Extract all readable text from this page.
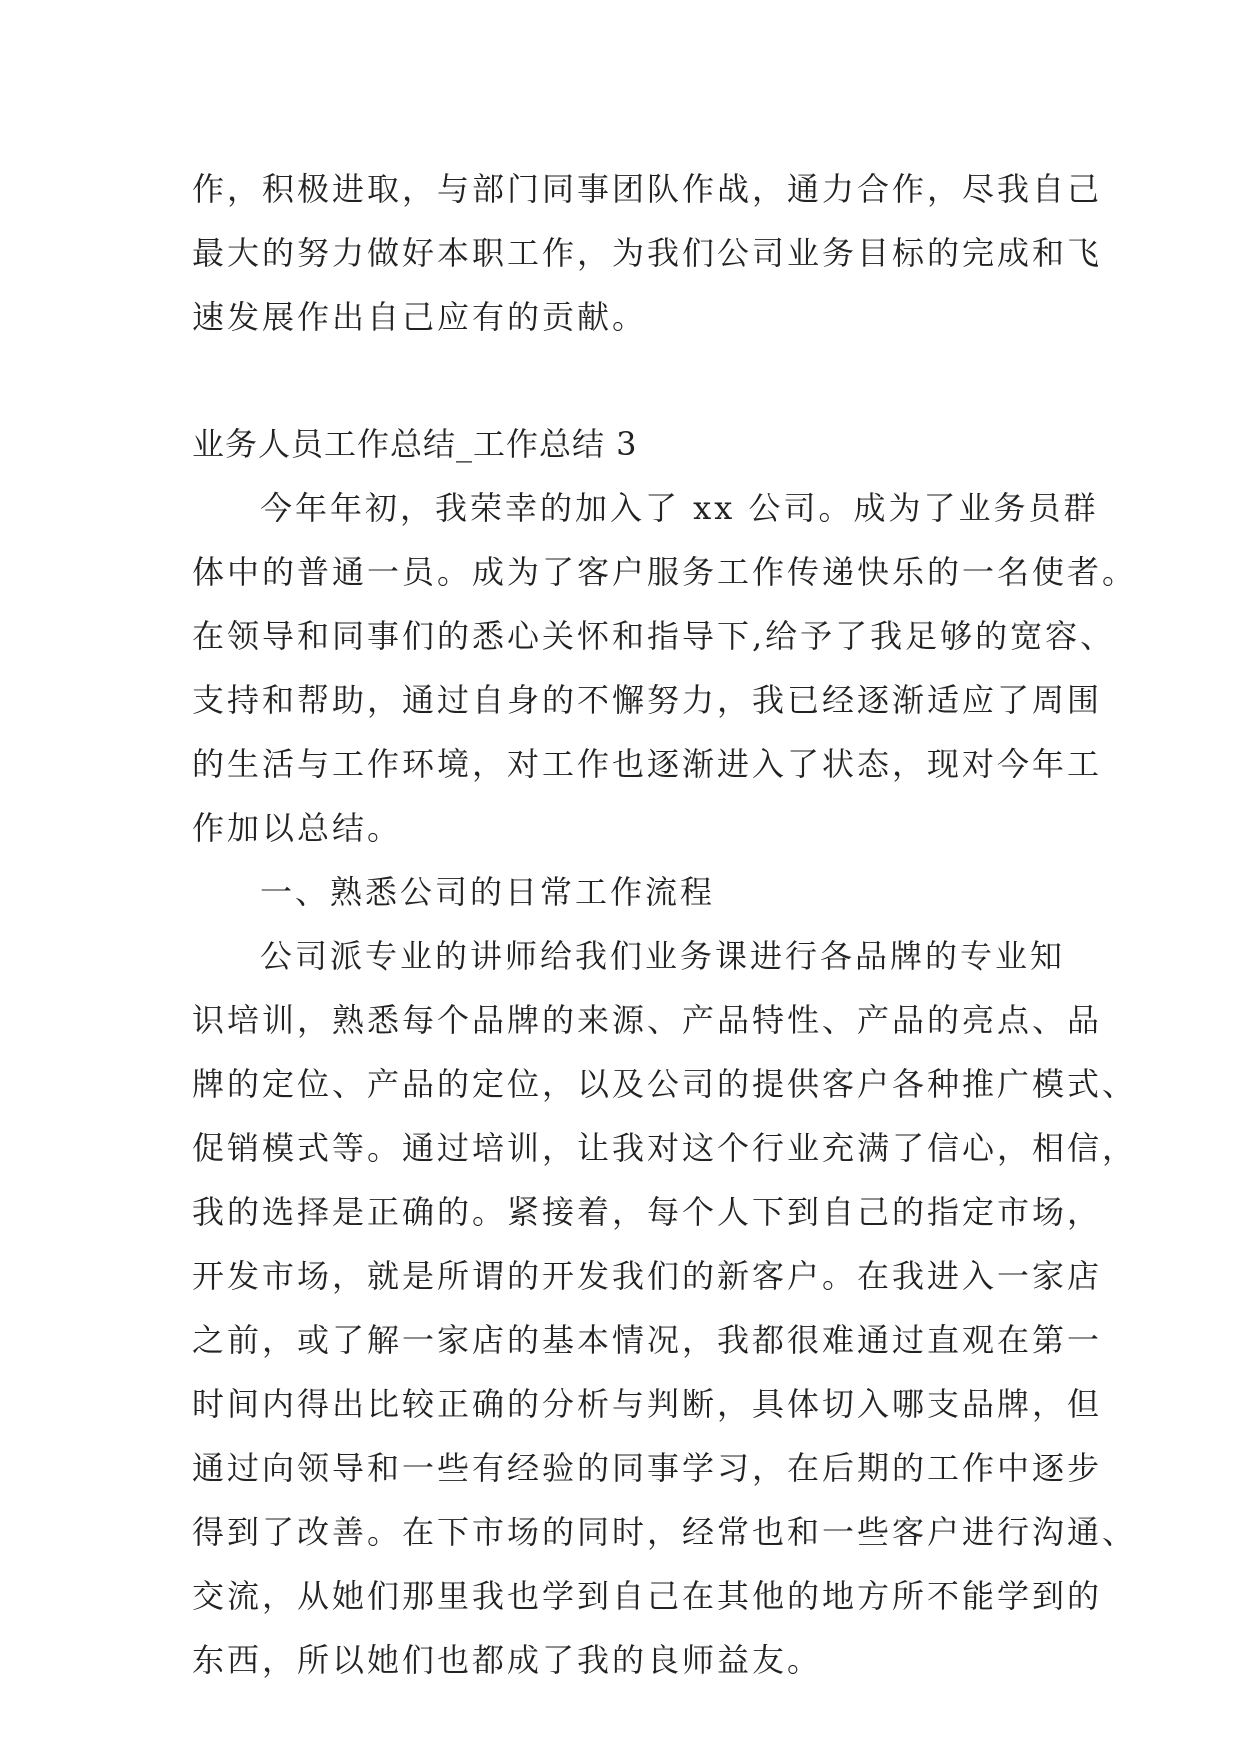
作，积极进取，与部门同事团队作战，通力合作，尽我自己
最大的努力做好本职工作，为我们公司业务目标的完成和飞
速发展作出自己应有的贡献。
业务人员工作总结_工作总结 3
今年年初，我荣幸的加入了 xx 公司。成为了业务员群
体中的普通一员。成为了客户服务工作传递快乐的一名使者。
在领导和同事们的悉心关怀和指导下,给予了我足够的宽容、
支持和帮助，通过自身的不懈努力，我已经逐渐适应了周围
的生活与工作环境，对工作也逐渐进入了状态，现对今年工
作加以总结。
一、熟悉公司的日常工作流程
公司派专业的讲师给我们业务课进行各品牌的专业知
识培训，熟悉每个品牌的来源、产品特性、产品的亮点、品
牌的定位、产品的定位，以及公司的提供客户各种推广模式、
促销模式等。通过培训，让我对这个行业充满了信心，相信，
我的选择是正确的。紧接着，每个人下到自己的指定市场，
开发市场，就是所谓的开发我们的新客户。在我进入一家店
之前，或了解一家店的基本情况，我都很难通过直观在第一
时间内得出比较正确的分析与判断，具体切入哪支品牌，但
通过向领导和一些有经验的同事学习，在后期的工作中逐步
得到了改善。在下市场的同时，经常也和一些客户进行沟通、
交流，从她们那里我也学到自己在其他的地方所不能学到的
东西，所以她们也都成了我的良师益友。
